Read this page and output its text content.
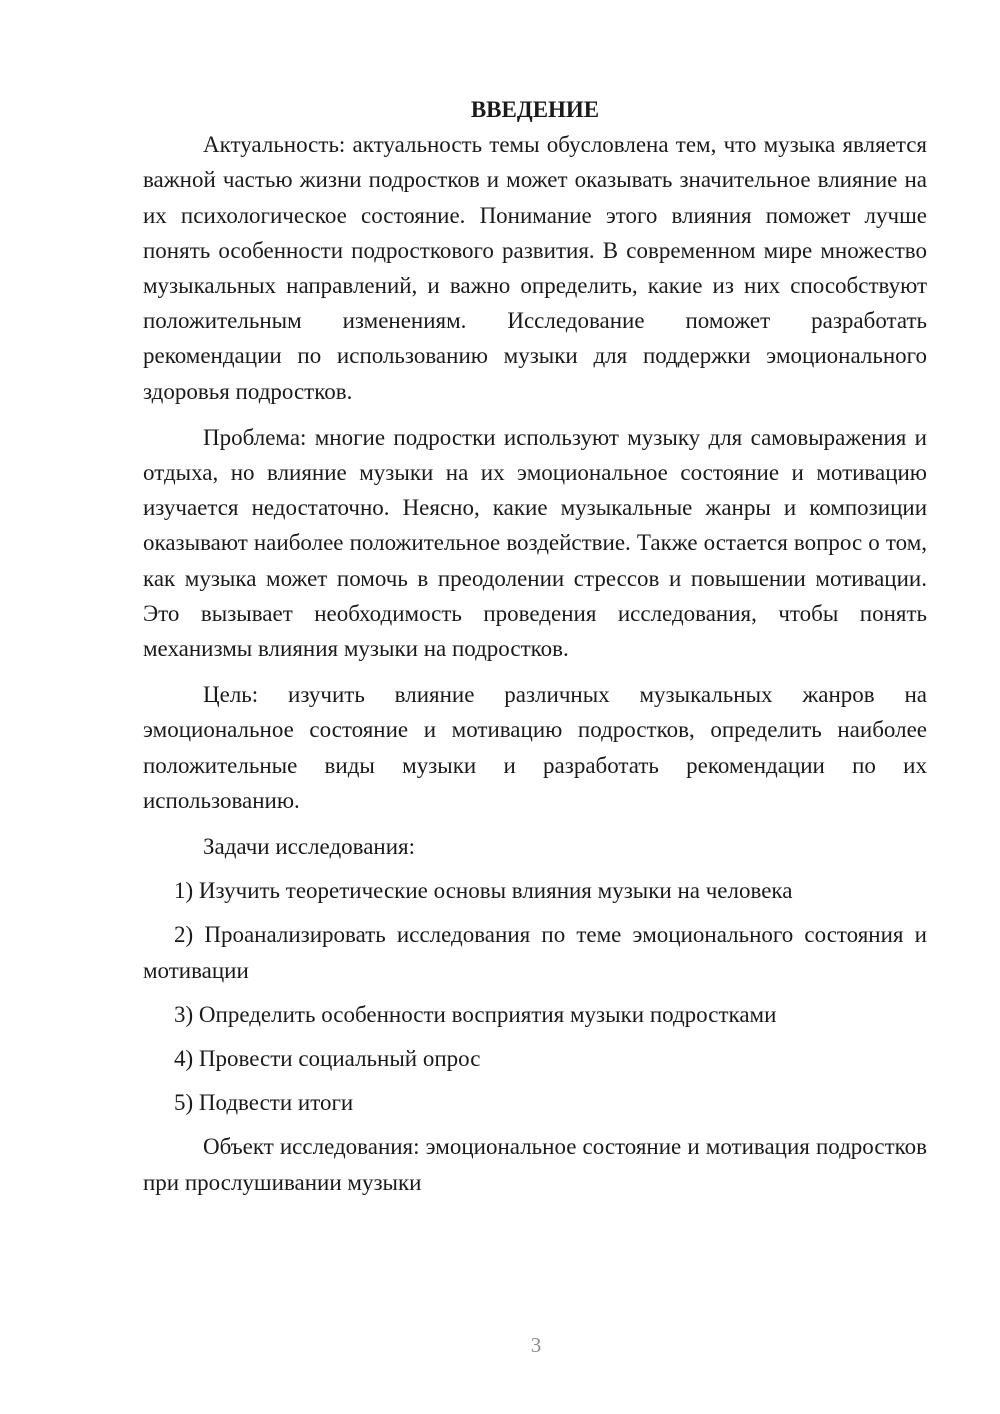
ВВЕДЕНИЕ

Актуальность: актуальность темы обусловлена тем, что музыка является важной частью жизни подростков и может оказывать значительное влияние на их психологическое состояние. Понимание этого влияния поможет лучше понять особенности подросткового развития. В современном мире множество музыкальных направлений, и важно определить, какие из них способствуют положительным изменениям. Исследование поможет разработать рекомендации по использованию музыки для поддержки эмоционального здоровья подростков.

Проблема: многие подростки используют музыку для самовыражения и отдыха, но влияние музыки на их эмоциональное состояние и мотивацию изучается недостаточно. Неясно, какие музыкальные жанры и композиции оказывают наиболее положительное воздействие. Также остается вопрос о том, как музыка может помочь в преодолении стрессов и повышении мотивации. Это вызывает необходимость проведения исследования, чтобы понять механизмы влияния музыки на подростков.

Цель: изучить влияние различных музыкальных жанров на эмоциональное состояние и мотивацию подростков, определить наиболее положительные виды музыки и разработать рекомендации по их использованию.

Задачи исследования:

1) Изучить теоретические основы влияния музыки на человека

2) Проанализировать исследования по теме эмоционального состояния и мотивации

3) Определить особенности восприятия музыки подростками

4) Провести социальный опрос

5) Подвести итоги

Объект исследования: эмоциональное состояние и мотивация подростков при прослушивании музыки

3
